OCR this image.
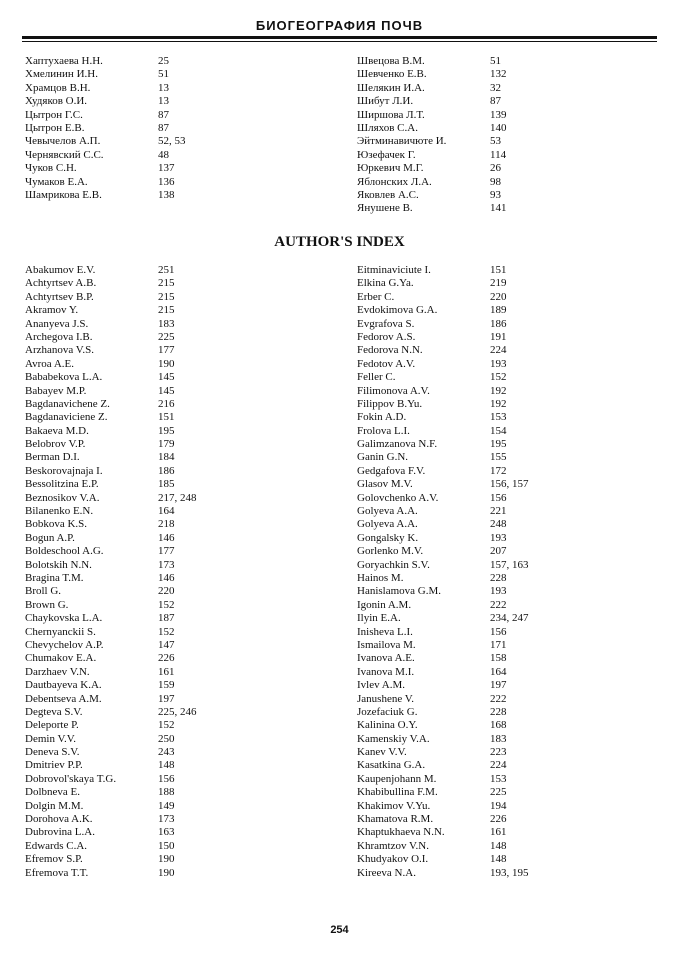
БИОГЕОГРАФИЯ ПОЧВ
Хаптухаева Н.Н.	25
Хмелинин И.Н.	51
Храмцов В.Н.	13
Худяков О.И.	13
Цытрон Г.С.	87
Цытрон Е.В.	87
Чевычелов А.П.	52, 53
Чернявский С.С.	48
Чуков С.Н.	137
Чумаков Е.А.	136
Шамрикова Е.В.	138
Швецова В.М.	51
Шевченко Е.В.	132
Шелякин И.А.	32
Шибут Л.И.	87
Ширшова Л.Т.	139
Шляхов С.А.	140
Эйтминавичюте И.	53
Юзефачек Г.	114
Юркевич М.Г.	26
Яблонских Л.А.	98
Яковлев А.С.	93
Янушене В.	141
AUTHOR'S INDEX
Abakumov E.V.	251
Achtyrtsev A.B.	215
Achtyrtsev B.P.	215
Akramov Y.	215
Ananyeva J.S.	183
Archegova I.B.	225
Arzhanova V.S.	177
Avroa A.E.	190
Bababekova L.A.	145
Babayev M.P.	145
Bagdanavichene Z.	216
Bagdanaviciene Z.	151
Bakaeva M.D.	195
Belobrov V.P.	179
Berman D.I.	184
Beskorovajnaja I.	186
Bessolitzina E.P.	185
Beznosikov V.A.	217, 248
Bilanenko E.N.	164
Bobkova K.S.	218
Bogun A.P.	146
Boldeschool A.G.	177
Bolotskih N.N.	173
Bragina T.M.	146
Broll G.	220
Brown G.	152
Chaykovska L.A.	187
Chernyanckii S.	152
Chevychelov A.P.	147
Chumakov E.A.	226
Darzhaev V.N.	161
Dautbayeva K.A.	159
Debentseva A.M.	197
Degteva S.V.	225, 246
Deleporte P.	152
Demin V.V.	250
Deneva S.V.	243
Dmitriev P.P.	148
Dobrovol'skaya T.G.	156
Dolbneva E.	188
Dolgin M.M.	149
Dorohova A.K.	173
Dubrovina L.A.	163
Edwards C.A.	150
Efremov S.P.	190
Efremova T.T.	190
Eitminaviciute I.	151
Elkina G.Ya.	219
Erber C.	220
Evdokimova G.A.	189
Evgrafova S.	186
Fedorov A.S.	191
Fedorova N.N.	224
Fedotov A.V.	193
Feller C.	152
Filimonova A.V.	192
Filippov B.Yu.	192
Fokin A.D.	153
Frolova L.I.	154
Galimzanova N.F.	195
Ganin G.N.	155
Gedgafova F.V.	172
Glasov M.V.	156, 157
Golovchenko A.V.	156
Golyeva A.A.	221
Golyeva A.A.	248
Gongalsky K.	193
Gorlenko M.V.	207
Goryachkin S.V.	157, 163
Hainos M.	228
Hanislamova G.M.	193
Igonin A.M.	222
Ilyin E.A.	234, 247
Inisheva L.I.	156
Ismailova M.	171
Ivanova A.E.	158
Ivanova M.I.	164
Ivlev A.M.	197
Janushene V.	222
Jozefaciuk G.	228
Kalinina O.Y.	168
Kamenskiy V.A.	183
Kanev V.V.	223
Kasatkina G.A.	224
Kaupenjohann M.	153
Khabibullina F.M.	225
Khakimov V.Yu.	194
Khamatova R.M.	226
Khaptukhaeva N.N.	161
Khramtzov V.N.	148
Khudyakov O.I.	148
Kireeva N.A.	193, 195
254
